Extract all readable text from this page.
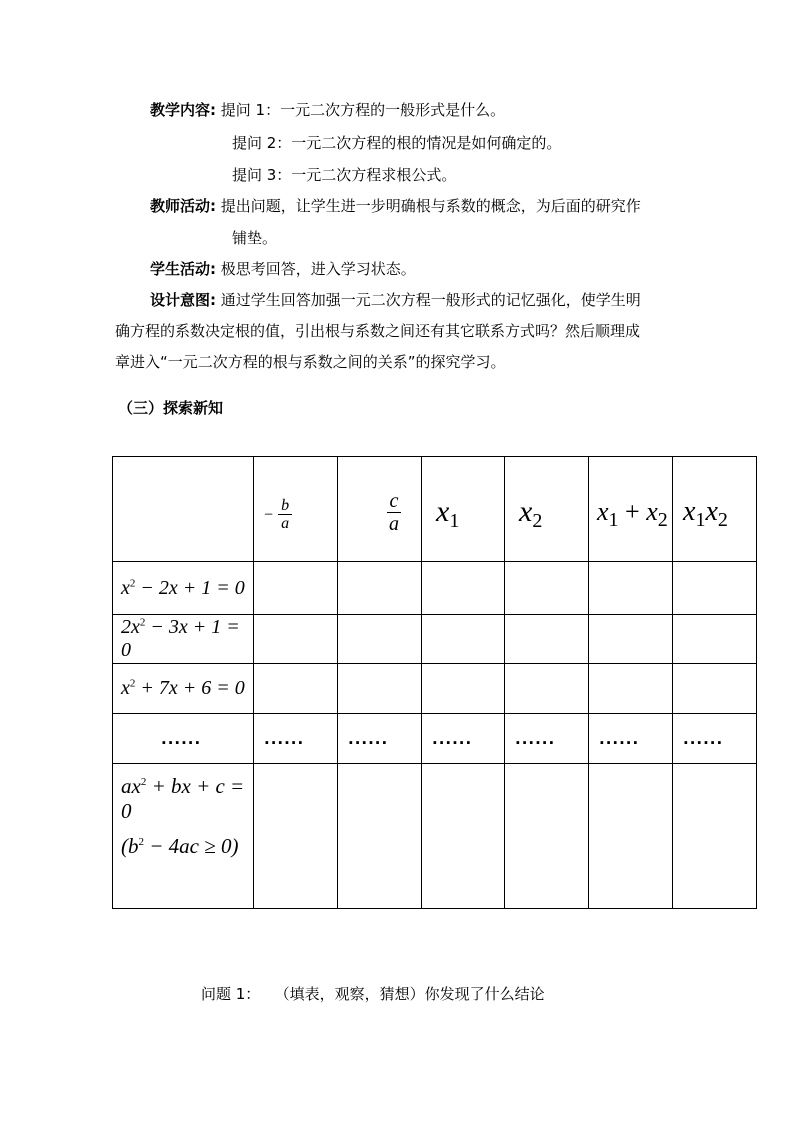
教学内容: 提问 1：一元二次方程的一般形式是什么。
提问 2：一元二次方程的根的情况是如何确定的。
提问 3：一元二次方程求根公式。
教师活动: 提出问题，让学生进一步明确根与系数的概念，为后面的研究作
铺垫。
学生活动: 极思考回答，进入学习状态。
设计意图: 通过学生回答加强一元二次方程一般形式的记忆强化，使学生明
确方程的系数决定根的值，引出根与系数之间还有其它联系方式吗？然后顺理成
章进入“一元二次方程的根与系数之间的关系”的探究学习。
（三）探索新知

	− $\frac{b}{a}$	$\frac{c}{a}$	$x_1$	$x_2$	$x_1 + x_2$	$x_1x_2$

$x^2 - 2x + 1 = 0$						

$2x^2 - 3x + 1 = 0$						

$x^2 + 7x + 6 = 0$						

......	......	......	......	......	......	......

$ax^2$ + bx + c = 0
$(b^2 - 4ac \ge 0)$						

问题 1：   （填表，观察，猜想）你发现了什么结论
